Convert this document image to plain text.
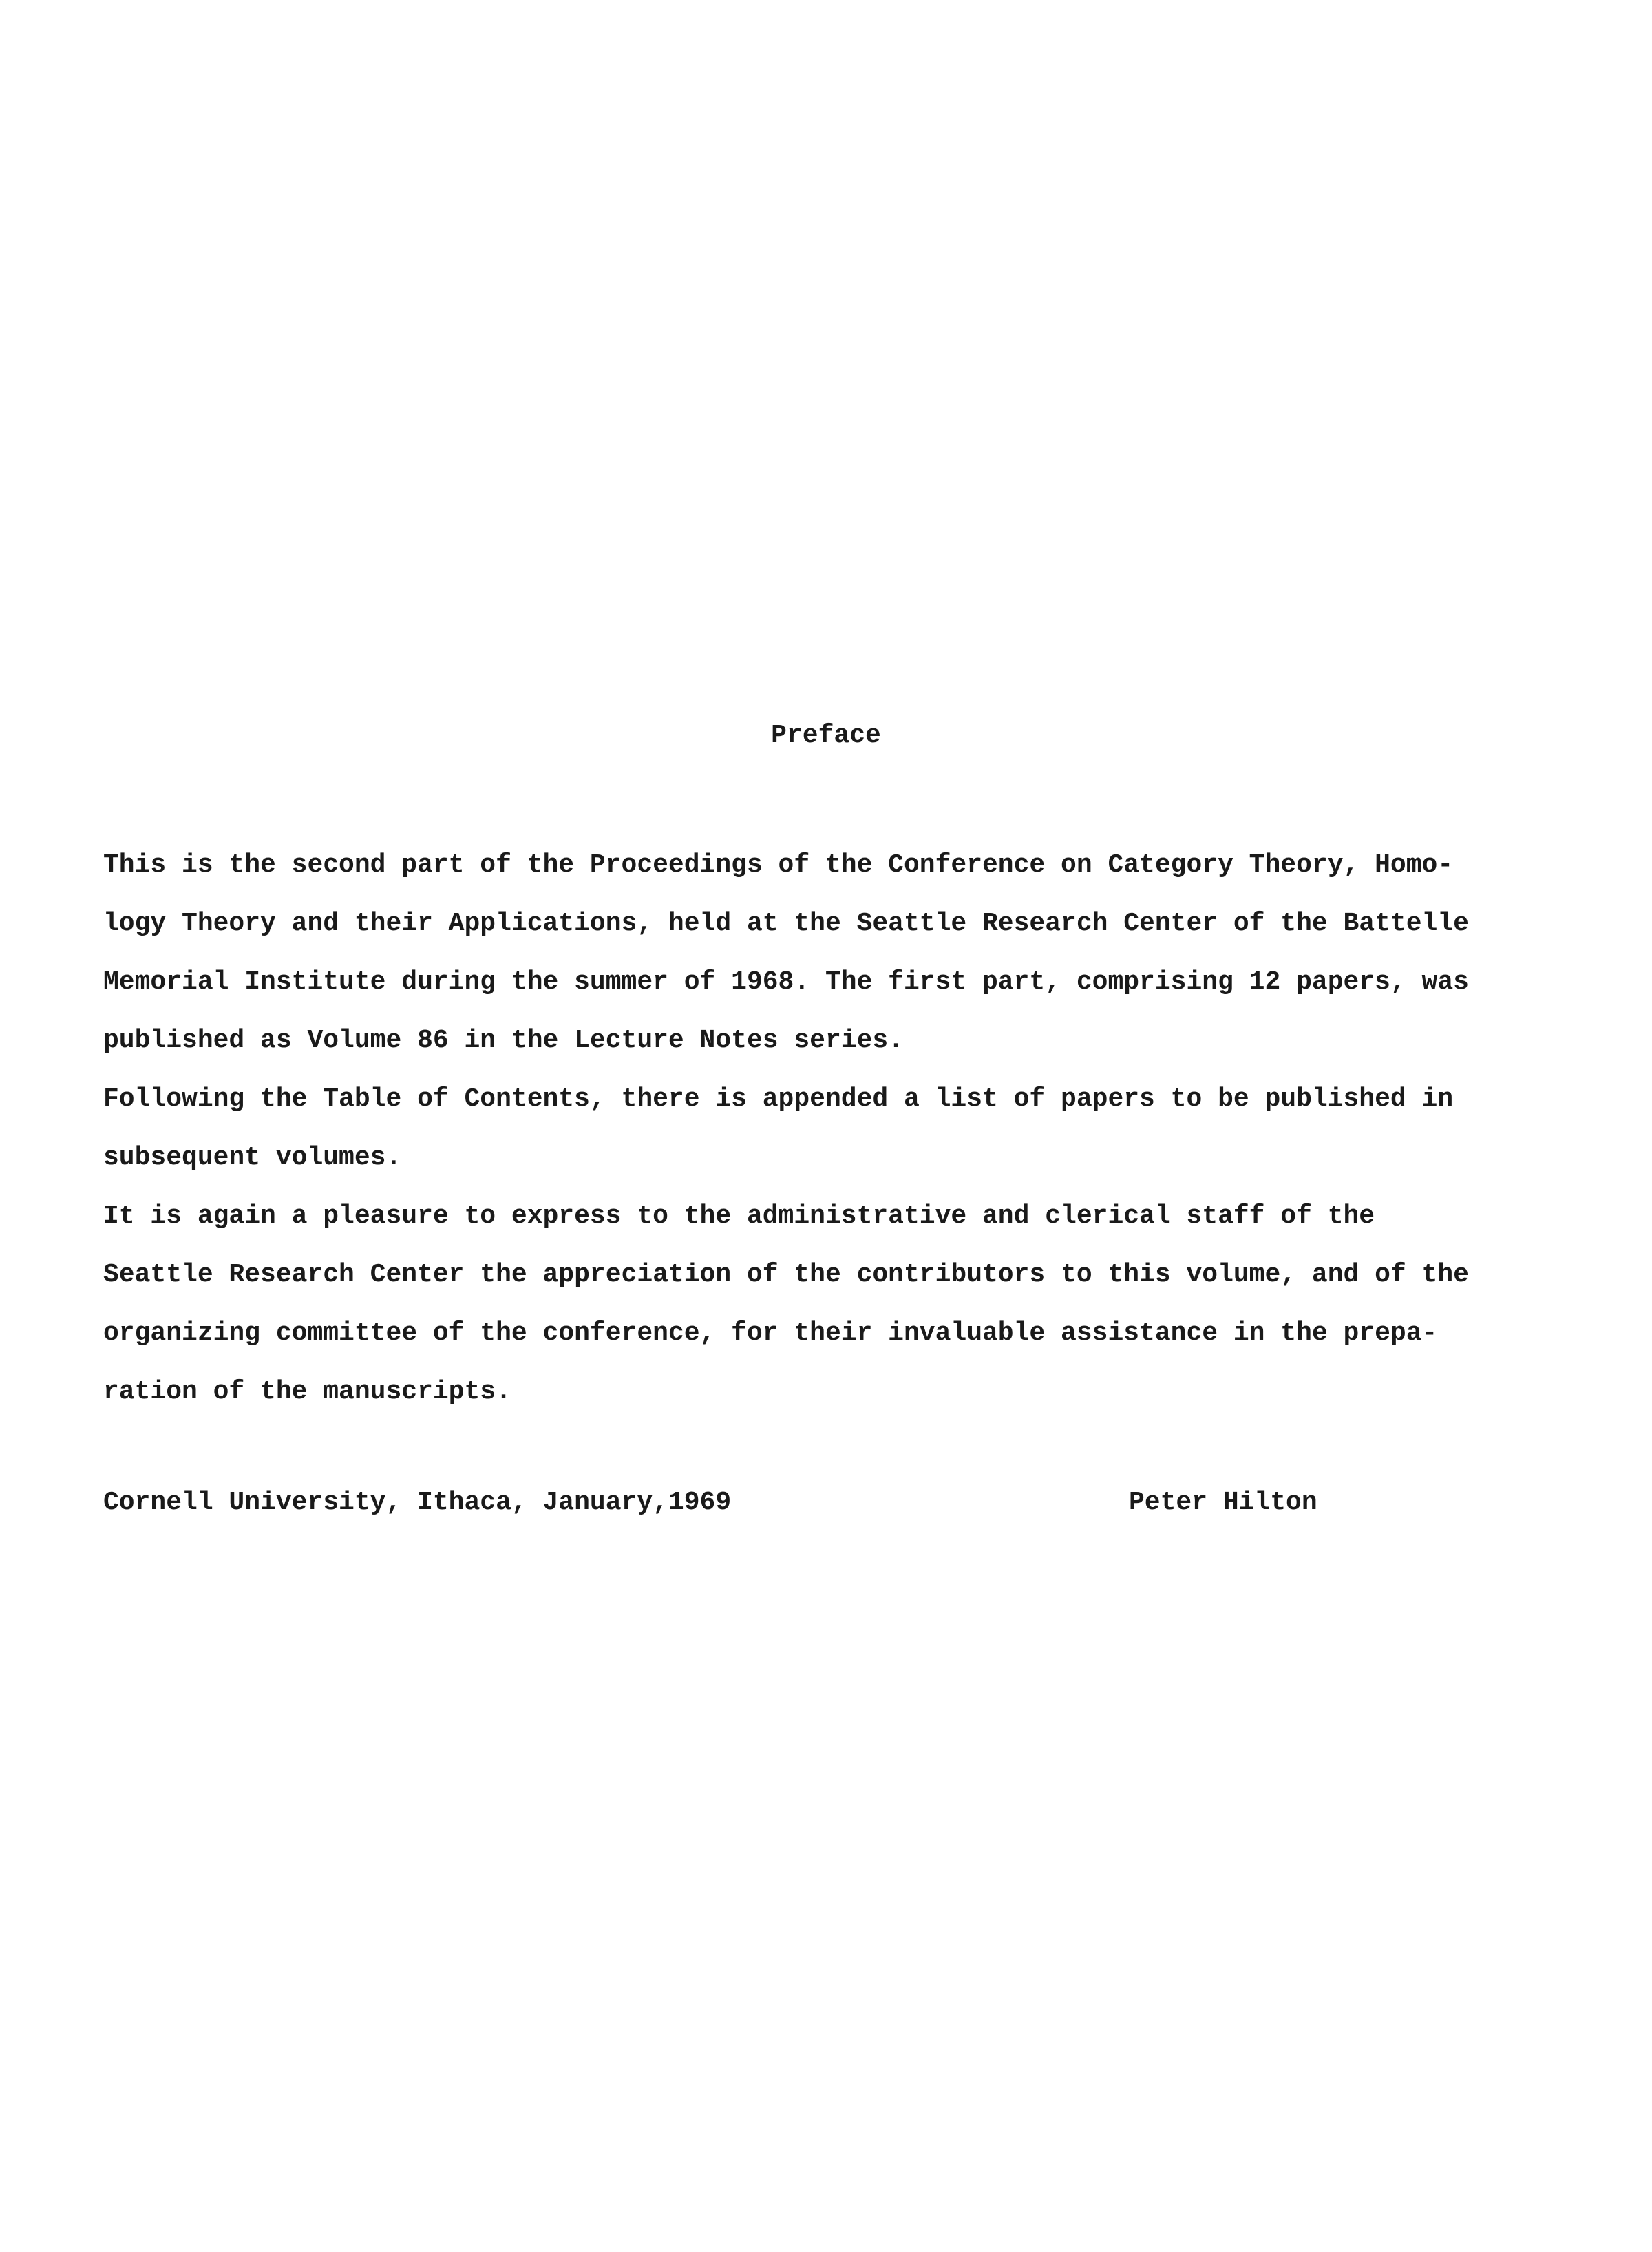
Preface
This is the second part of the Proceedings of the Conference on Category Theory, Homo-
logy Theory and their Applications, held at the Seattle Research Center of the Battelle
Memorial Institute during the summer of 1968. The first part, comprising 12 papers, was
published as Volume 86 in the Lecture Notes series.
Following the Table of Contents, there is appended a list of papers to be published in
subsequent volumes.
It is again a pleasure to express to the administrative and clerical staff of the
Seattle Research Center the appreciation of the contributors to this volume, and of the
organizing committee of the conference, for their invaluable assistance in the prepa-
ration of the manuscripts.

Cornell University, Ithaca, January,1969	Peter Hilton
